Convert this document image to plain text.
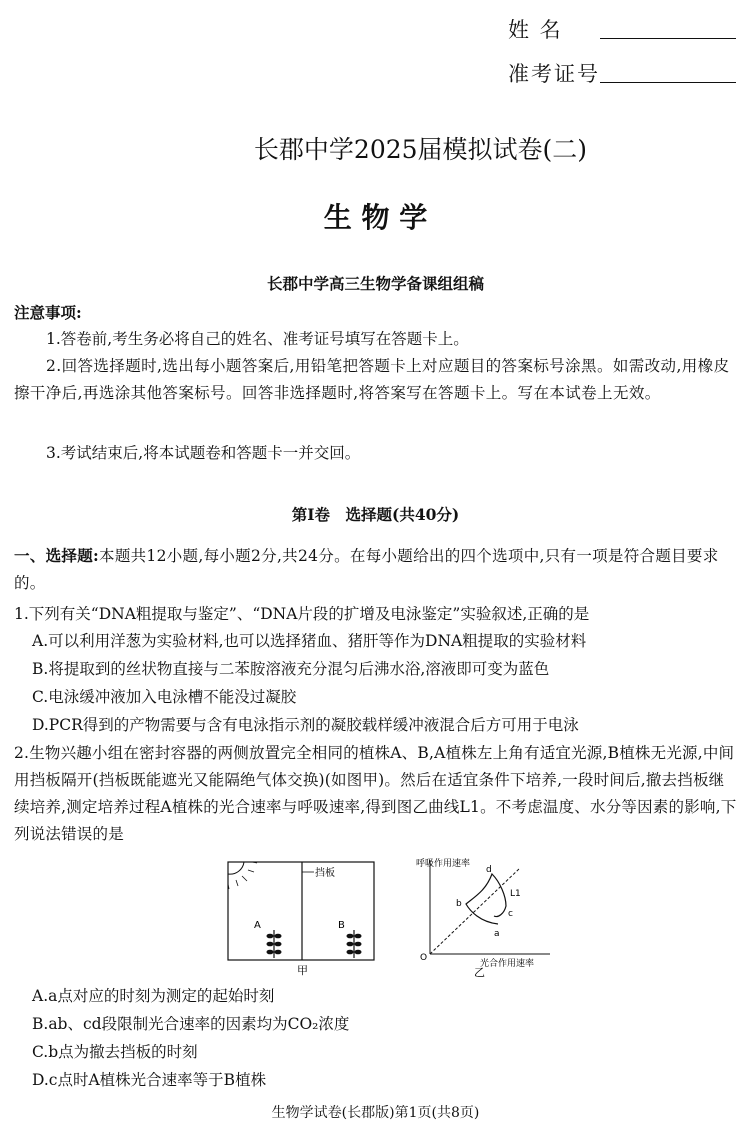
姓 名
准考证号
长郡中学2025届模拟试卷(二)
生 物 学
长郡中学高三生物学备课组组稿
注意事项:
1.答卷前,考生务必将自己的姓名、准考证号填写在答题卡上。
2.回答选择题时,选出每小题答案后,用铅笔把答题卡上对应题目的答案标号涂黑。如需改动,用橡皮擦干净后,再选涂其他答案标号。回答非选择题时,将答案写在答题卡上。写在本试卷上无效。
3.考试结束后,将本试题卷和答题卡一并交回。
第Ⅰ卷　选择题(共40分)
一、选择题:本题共12小题,每小题2分,共24分。在每小题给出的四个选项中,只有一项是符合题目要求的。
1.下列有关“DNA粗提取与鉴定”、“DNA片段的扩增及电泳鉴定”实验叙述,正确的是
A.可以利用洋葱为实验材料,也可以选择猪血、猪肝等作为DNA粗提取的实验材料
B.将提取到的丝状物直接与二苯胺溶液充分混匀后沸水浴,溶液即可变为蓝色
C.电泳缓冲液加入电泳槽不能没过凝胶
D.PCR得到的产物需要与含有电泳指示剂的凝胶载样缓冲液混合后方可用于电泳
2.生物兴趣小组在密封容器的两侧放置完全相同的植株A、B,A植株左上角有适宜光源,B植株无光源,中间用挡板隔开(挡板既能遮光又能隔绝气体交换)(如图甲)。然后在适宜条件下培养,一段时间后,撤去挡板继续培养,测定培养过程A植株的光合速率与呼吸速率,得到图乙曲线L1。不考虑温度、水分等因素的影响,下列说法错误的是
挡板
A	B
甲
呼吸作用速率
光合作用速率
O
a
b
c
d
L1
乙
A.a点对应的时刻为测定的起始时刻
B.ab、cd段限制光合速率的因素均为CO₂浓度
C.b点为撤去挡板的时刻
D.c点时A植株光合速率等于B植株
生物学试卷(长郡版)第1页(共8页)
